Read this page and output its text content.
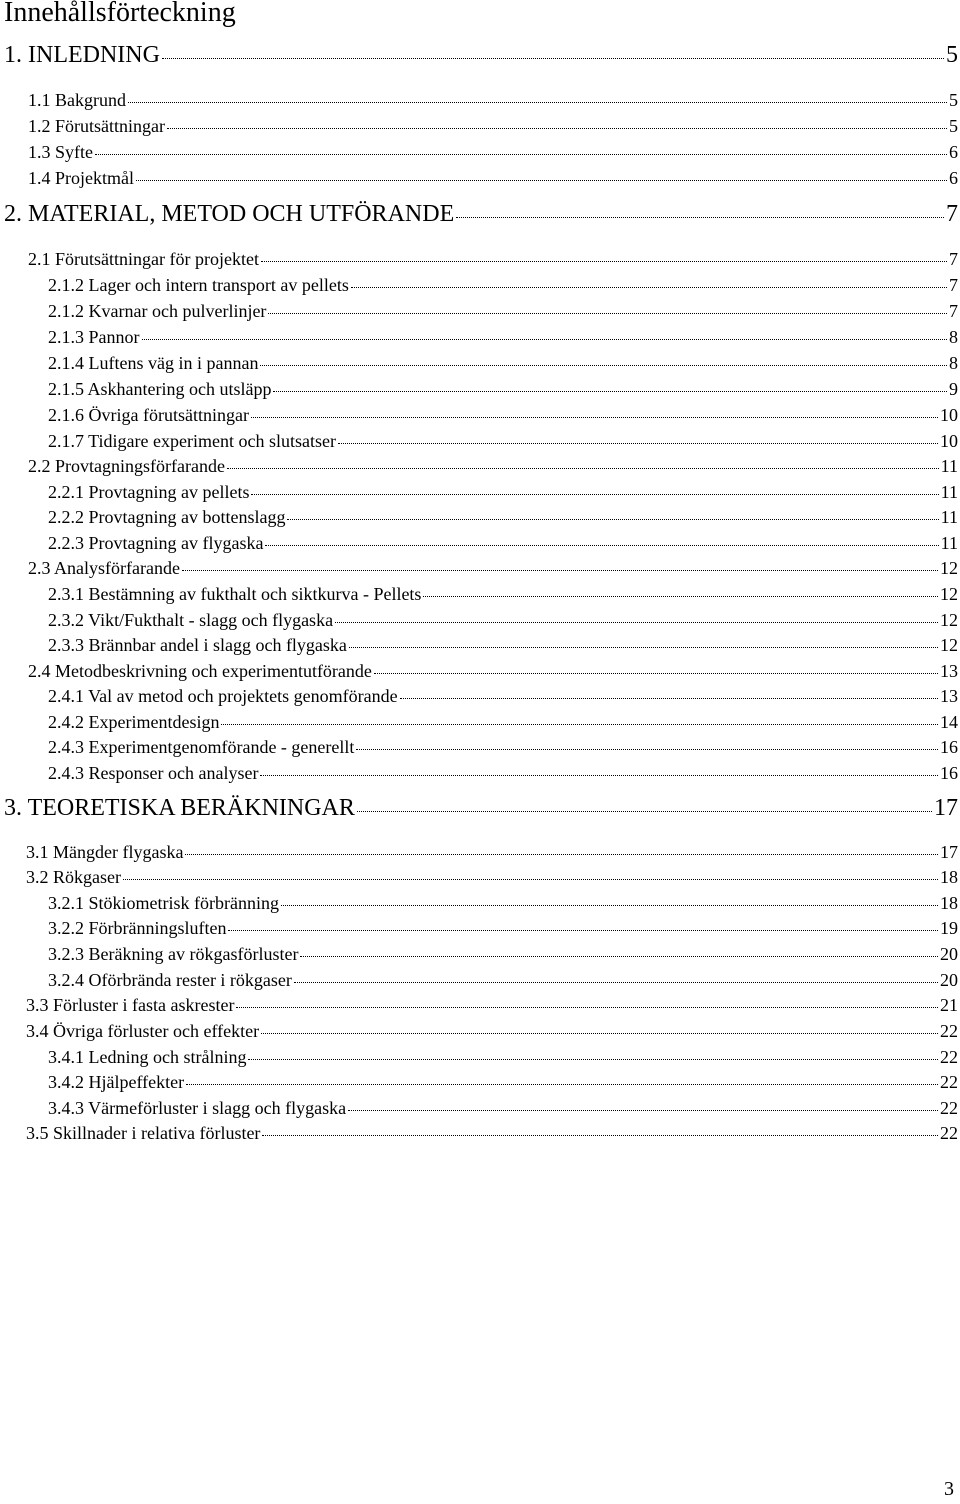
Innehållsförteckning
1. INLEDNING	5
1.1 Bakgrund	5
1.2 Förutsättningar	5
1.3 Syfte	6
1.4 Projektmål	6
2. MATERIAL, METOD OCH UTFÖRANDE	7
2.1 Förutsättningar för projektet	7
2.1.2 Lager och intern transport av pellets	7
2.1.2 Kvarnar och pulverlinjer	7
2.1.3 Pannor	8
2.1.4 Luftens väg in i pannan	8
2.1.5 Askhantering och utsläpp	9
2.1.6 Övriga förutsättningar	10
2.1.7 Tidigare experiment och slutsatser	10
2.2 Provtagningsförfarande	11
2.2.1 Provtagning av pellets	11
2.2.2 Provtagning av bottenslagg	11
2.2.3 Provtagning av flygaska	11
2.3 Analysförfarande	12
2.3.1 Bestämning av fukthalt och siktkurva - Pellets	12
2.3.2 Vikt/Fukthalt - slagg och flygaska	12
2.3.3 Brännbar andel i slagg och flygaska	12
2.4 Metodbeskrivning och experimentutförande	13
2.4.1 Val av metod och projektets genomförande	13
2.4.2 Experimentdesign	14
2.4.3 Experimentgenomförande - generellt	16
2.4.3 Responser och analyser	16
3. TEORETISKA BERÄKNINGAR	17
3.1 Mängder flygaska	17
3.2 Rökgaser	18
3.2.1 Stökiometrisk förbränning	18
3.2.2 Förbränningsluften	19
3.2.3 Beräkning av rökgasförluster	20
3.2.4 Oförbrända rester i rökgaser	20
3.3 Förluster i fasta askrester	21
3.4 Övriga förluster och effekter	22
3.4.1 Ledning och strålning	22
3.4.2 Hjälpeffekter	22
3.4.3 Värmeförluster i slagg och flygaska	22
3.5 Skillnader i relativa förluster	22
3
